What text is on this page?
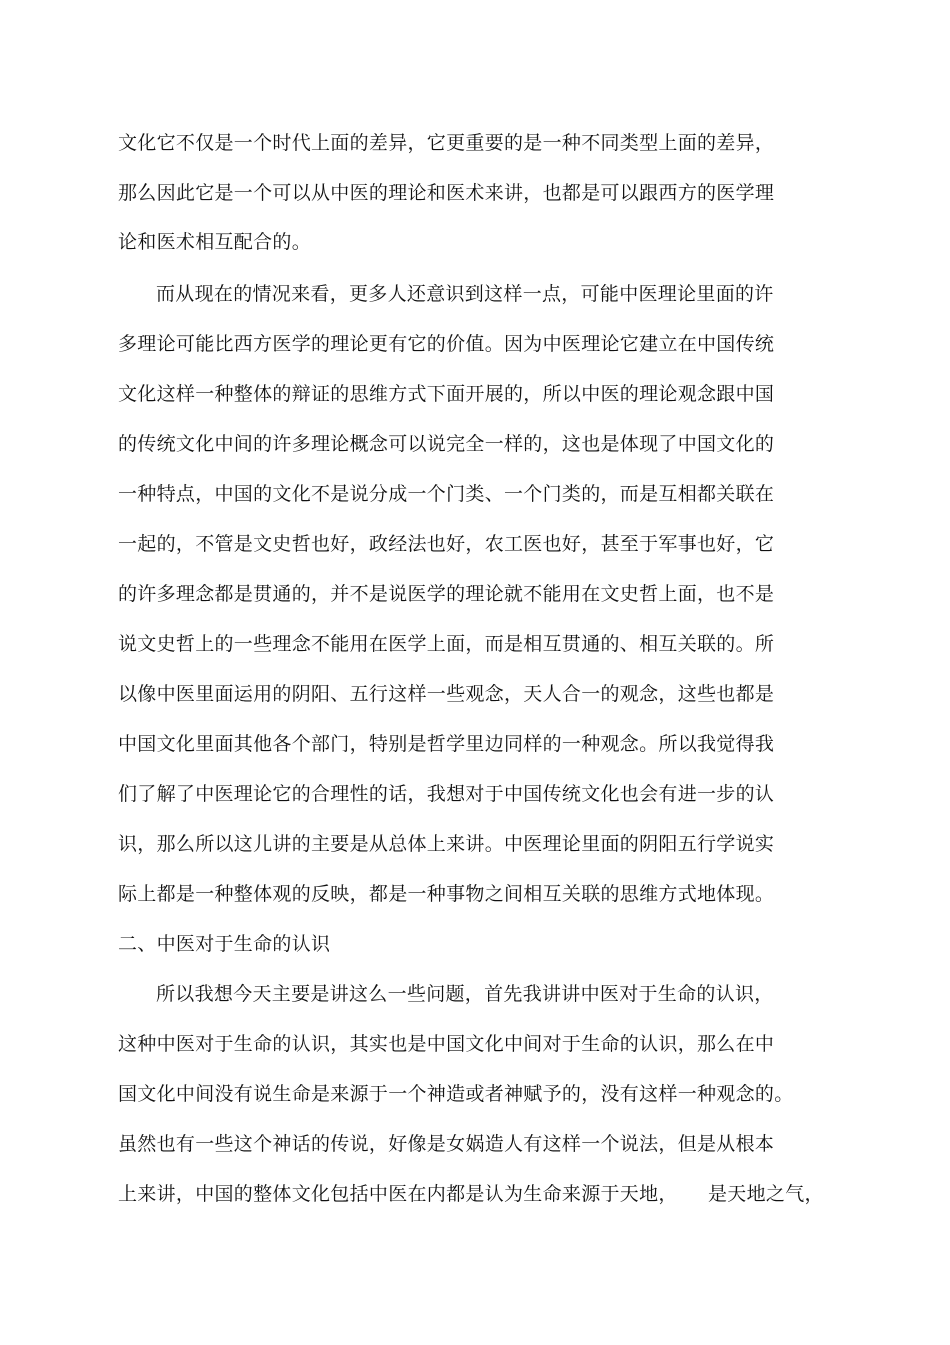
文化它不仅是一个时代上面的差异，它更重要的是一种不同类型上面的差异，
那么因此它是一个可以从中医的理论和医术来讲，也都是可以跟西方的医学理
论和医术相互配合的。
而从现在的情况来看，更多人还意识到这样一点，可能中医理论里面的许
多理论可能比西方医学的理论更有它的价值。因为中医理论它建立在中国传统
文化这样一种整体的辩证的思维方式下面开展的，所以中医的理论观念跟中国
的传统文化中间的许多理论概念可以说完全一样的，这也是体现了中国文化的
一种特点，中国的文化不是说分成一个门类、一个门类的，而是互相都关联在
一起的，不管是文史哲也好，政经法也好，农工医也好，甚至于军事也好，它
的许多理念都是贯通的，并不是说医学的理论就不能用在文史哲上面，也不是
说文史哲上的一些理念不能用在医学上面，而是相互贯通的、相互关联的。所
以像中医里面运用的阴阳、五行这样一些观念，天人合一的观念，这些也都是
中国文化里面其他各个部门，特别是哲学里边同样的一种观念。所以我觉得我
们了解了中医理论它的合理性的话，我想对于中国传统文化也会有进一步的认
识，那么所以这儿讲的主要是从总体上来讲。中医理论里面的阴阳五行学说实
际上都是一种整体观的反映，都是一种事物之间相互关联的思维方式地体现。
二、中医对于生命的认识
所以我想今天主要是讲这么一些问题，首先我讲讲中医对于生命的认识，
这种中医对于生命的认识，其实也是中国文化中间对于生命的认识，那么在中
国文化中间没有说生命是来源于一个神造或者神赋予的，没有这样一种观念的。
虽然也有一些这个神话的传说，好像是女娲造人有这样一个说法，但是从根本
上来讲，中国的整体文化包括中医在内都是认为生命来源于天地， 是天地之气，
